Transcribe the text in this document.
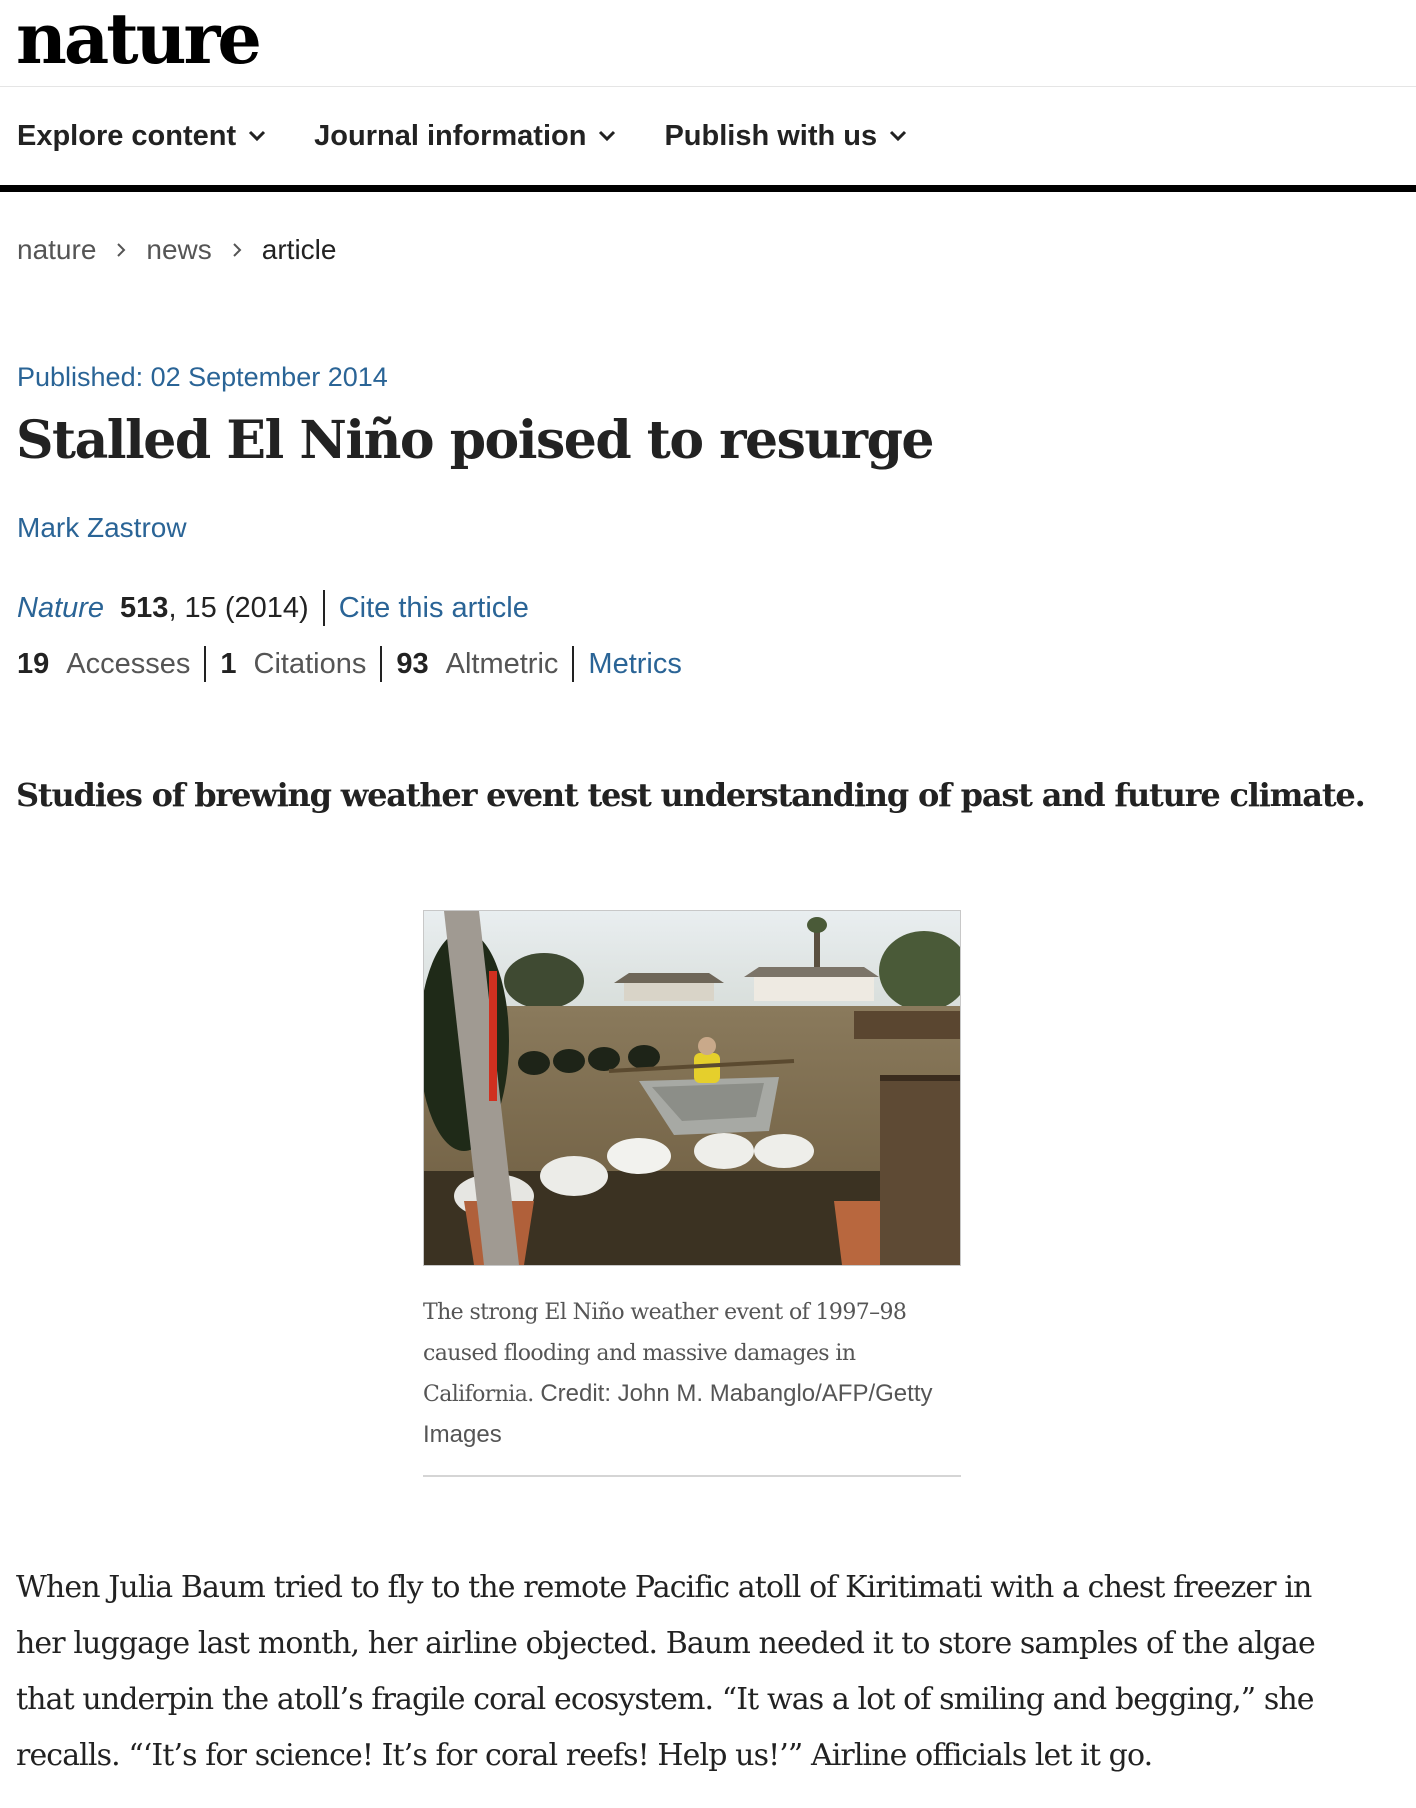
nature
Explore content	Journal information	Publish with us
nature news article
Published: 02 September 2014
Stalled El Niño poised to resurge
Mark Zastrow
Nature 513 , 15 (2014) Cite this article
19 Accesses 1 Citations 93 Altmetric Metrics

Studies of brewing weather event test understanding of past and future climate.

The strong El Niño weather event of 1997–98 caused flooding and massive damages in California. Credit: John M. Mabanglo/AFP/Getty Images

When Julia Baum tried to fly to the remote Pacific atoll of Kiritimati with a chest freezer in her luggage last month, her airline objected. Baum needed it to store samples of the algae that underpin the atoll’s fragile coral ecosystem. “It was a lot of smiling and begging,” she recalls. “‘It’s for science! It’s for coral reefs! Help us!’” Airline officials let it go.
